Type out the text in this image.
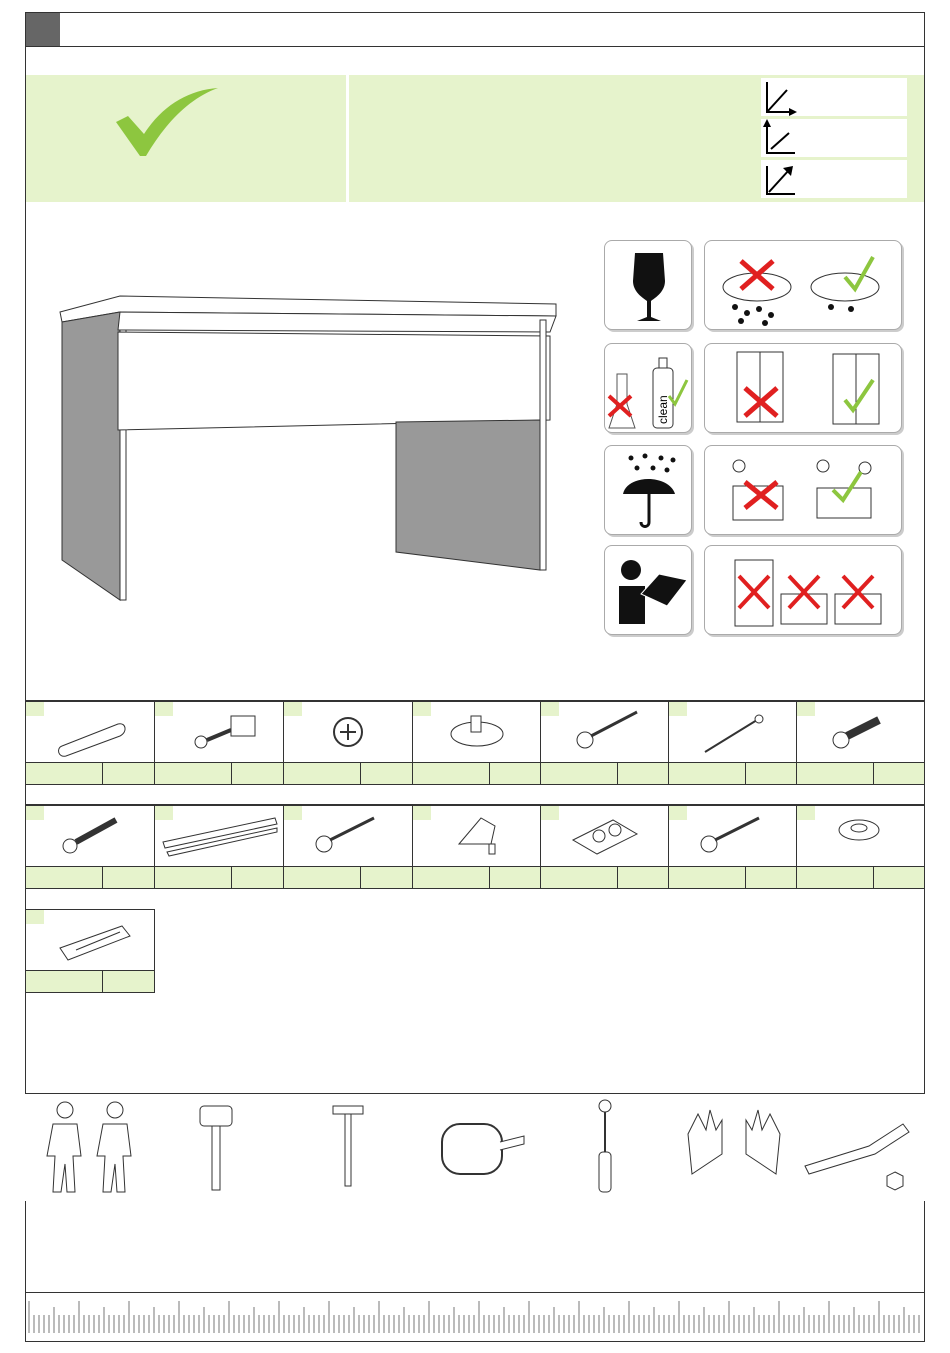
clean
